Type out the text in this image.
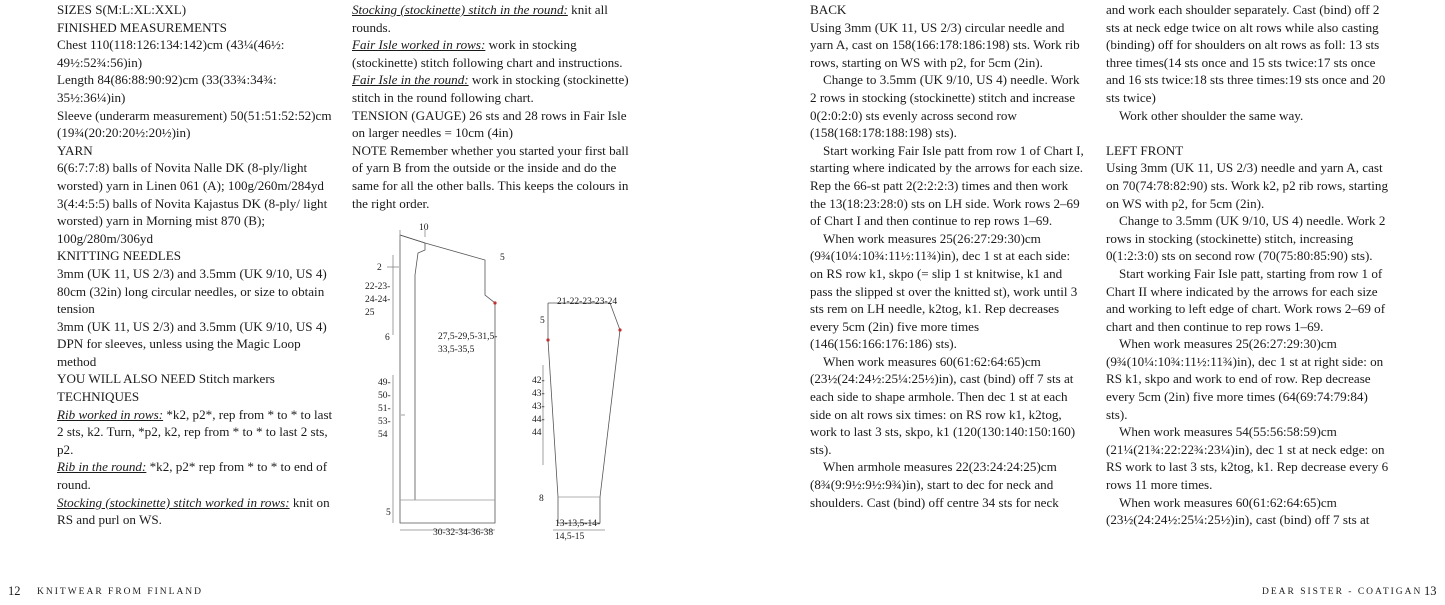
SIZES S(M:L:XL:XXL)

FINISHED MEASUREMENTS

Chest 110(118:126:134:142)cm (43¼(46½: 49½:52¾:56)in)

Length 84(86:88:90:92)cm (33(33¾:34¾: 35½:36¼)in)

Sleeve (underarm measurement) 50(51:51:52:52)cm (19¾(20:20:20½:20½)in)

YARN

6(6:7:7:8) balls of Novita Nalle DK (8-ply/light worsted) yarn in Linen 061 (A); 100g/260m/284yd 3(4:4:5:5) balls of Novita Kajastus DK (8-ply/ light worsted) yarn in Morning mist 870 (B); 100g/280m/306yd

KNITTING NEEDLES

3mm (UK 11, US 2/3) and 3.5mm (UK 9/10, US 4) 80cm (32in) long circular needles, or size to obtain tension

3mm (UK 11, US 2/3) and 3.5mm (UK 9/10, US 4) DPN for sleeves, unless using the Magic Loop method

YOU WILL ALSO NEED Stitch markers

TECHNIQUES

Rib worked in rows: *k2, p2*, rep from * to * to last 2 sts, k2. Turn, *p2, k2, rep from * to * to last 2 sts, p2.

Rib in the round: *k2, p2* rep from * to * to end of round.

Stocking (stockinette) stitch worked in rows: knit on RS and purl on WS.

Stocking (stockinette) stitch in the round: knit all rounds.

Fair Isle worked in rows: work in stocking (stockinette) stitch following chart and instructions.

Fair Isle in the round: work in stocking (stockinette) stitch in the round following chart.

TENSION (GAUGE) 26 sts and 28 rows in Fair Isle on larger needles = 10cm (4in)

NOTE Remember whether you started your first ball of yarn B from the outside or the inside and do the same for all the other balls. This keeps the colours in the right order.

BACK

Using 3mm (UK 11, US 2/3) circular needle and yarn A, cast on 158(166:178:186:198) sts. Work rib rows, starting on WS with p2, for 5cm (2in).

Change to 3.5mm (UK 9/10, US 4) needle. Work 2 rows in stocking (stockinette) stitch and increase 0(2:0:2:0) sts evenly across second row (158(168:178:188:198) sts).

Start working Fair Isle patt from row 1 of Chart I, starting where indicated by the arrows for each size. Rep the 66-st patt 2(2:2:2:3) times and then work the 13(18:23:28:0) sts on LH side. Work rows 2–69 of Chart I and then continue to rep rows 1–69.

When work measures 25(26:27:29:30)cm (9¾(10¼:10¾:11½:11¾)in), dec 1 st at each side: on RS row k1, skpo (= slip 1 st knitwise, k1 and pass the slipped st over the knitted st), work until 3 sts rem on LH needle, k2tog, k1. Rep decreases every 5cm (2in) five more times (146(156:166:176:186) sts).

When work measures 60(61:62:64:65)cm (23½(24:24½:25¼:25½)in), cast (bind) off 7 sts at each side to shape armhole. Then dec 1 st at each side on alt rows six times: on RS row k1, k2tog, work to last 3 sts, skpo, k1 (120(130:140:150:160) sts).

When armhole measures 22(23:24:24:25)cm (8¾(9:9½:9½:9¾)in), start to dec for neck and shoulders. Cast (bind) off centre 34 sts for neck

and work each shoulder separately. Cast (bind) off 2 sts at neck edge twice on alt rows while also casting (binding) off for shoulders on alt rows as foll: 13 sts three times(14 sts once and 15 sts twice:17 sts once and 16 sts twice:18 sts three times:19 sts once and 20 sts twice)

Work other shoulder the same way.

LEFT FRONT

Using 3mm (UK 11, US 2/3) needle and yarn A, cast on 70(74:78:82:90) sts. Work k2, p2 rib rows, starting on WS with p2, for 5cm (2in).

Change to 3.5mm (UK 9/10, US 4) needle. Work 2 rows in stocking (stockinette) stitch, increasing 0(1:2:3:0) sts on second row (70(75:80:85:90) sts).

Start working Fair Isle patt, starting from row 1 of Chart II where indicated by the arrows for each size and working to left edge of chart. Work rows 2–69 of chart and then continue to rep rows 1–69.

When work measures 25(26:27:29:30)cm (9¾(10¼:10¾:11½:11¾)in), dec 1 st at right side: on RS k1, skpo and work to end of row. Rep decrease every 5cm (2in) five more times (64(69:74:79:84) sts).

When work measures 54(55:56:58:59)cm (21¼(21¾:22:22¾:23¼)in), dec 1 st at neck edge: on RS work to last 3 sts, k2tog, k1. Rep decrease every 6 rows 11 more times.

When work measures 60(61:62:64:65)cm (23½(24:24½:25¼:25½)in), cast (bind) off 7 sts at

10
5
2
22-23-24-24-25
6	27,5-29,5-31,5-33,5-35,5
49-50-51-53-54
5
30-32-34-36-38
21-22-23-23-24
5
42-43-43-44-44
8
13-13,5-14-14,5-15
12 KNITWEAR FROM FINLAND	DEAR SISTER - COATIGAN 13
